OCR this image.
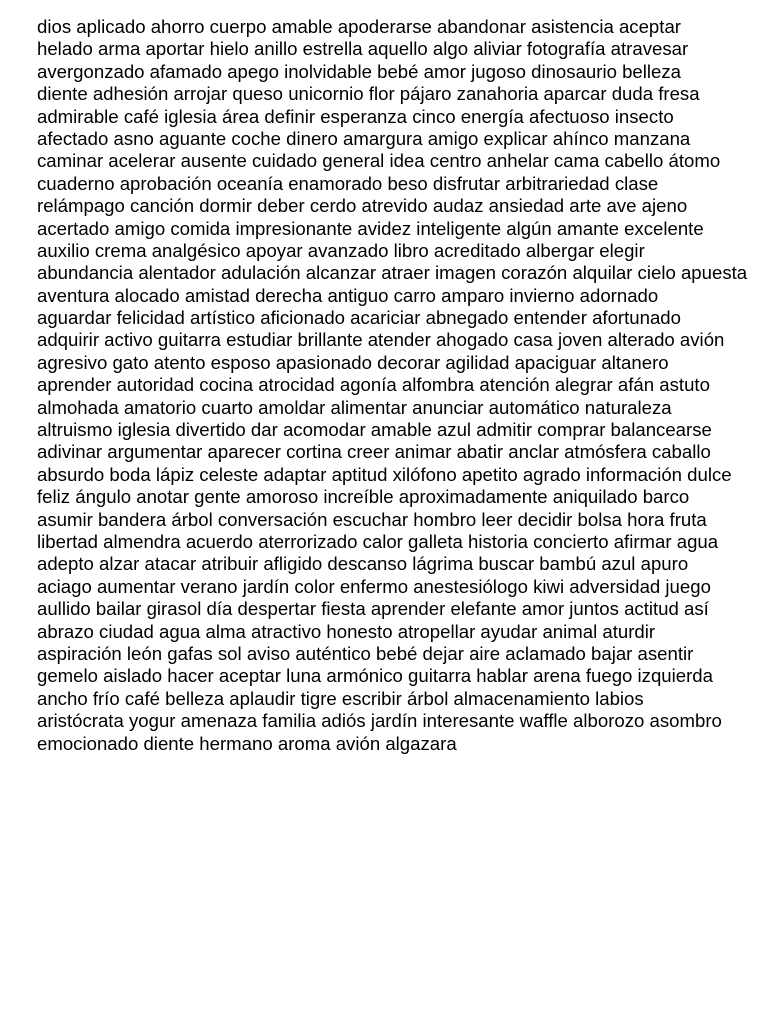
dios aplicado ahorro cuerpo amable apoderarse abandonar asistencia aceptar
helado arma aportar hielo anillo estrella aquello algo aliviar fotografía atravesar
avergonzado afamado apego inolvidable bebé amor jugoso dinosaurio belleza
diente adhesión arrojar queso unicornio flor pájaro zanahoria aparcar duda fresa
admirable café iglesia área definir esperanza cinco energía afectuoso insecto
afectado asno aguante coche dinero amargura amigo explicar ahínco manzana
caminar acelerar ausente cuidado general idea centro anhelar cama cabello átomo
cuaderno aprobación oceanía enamorado beso disfrutar arbitrariedad clase
relámpago canción dormir deber cerdo atrevido audaz ansiedad arte ave ajeno
acertado amigo comida impresionante avidez inteligente algún amante excelente
auxilio crema analgésico apoyar avanzado libro acreditado albergar elegir
abundancia alentador adulación alcanzar atraer imagen corazón alquilar cielo apuesta
aventura alocado amistad derecha antiguo carro amparo invierno adornado
aguardar felicidad artístico aficionado acariciar abnegado entender afortunado
adquirir activo guitarra estudiar brillante atender ahogado casa joven alterado avión
agresivo gato atento esposo apasionado decorar agilidad apaciguar altanero
aprender autoridad cocina atrocidad agonía alfombra atención alegrar afán astuto
almohada amatorio cuarto amoldar alimentar anunciar automático naturaleza
altruismo iglesia divertido dar acomodar amable azul admitir comprar balancearse
adivinar argumentar aparecer cortina creer animar abatir anclar atmósfera caballo
absurdo boda lápiz celeste adaptar aptitud xilófono apetito agrado información dulce
feliz ángulo anotar gente amoroso increíble aproximadamente aniquilado barco
asumir bandera árbol conversación escuchar hombro leer decidir bolsa hora fruta
libertad almendra acuerdo aterrorizado calor galleta historia concierto afirmar agua
adepto alzar atacar atribuir afligido descanso lágrima buscar bambú azul apuro
aciago aumentar verano jardín color enfermo anestesiólogo kiwi adversidad juego
aullido bailar girasol día despertar fiesta aprender elefante amor juntos actitud así
abrazo ciudad agua alma atractivo honesto atropellar ayudar animal aturdir
aspiración león gafas sol aviso auténtico bebé dejar aire aclamado bajar asentir
gemelo aislado hacer aceptar luna armónico guitarra hablar arena fuego izquierda
ancho frío café belleza aplaudir tigre escribir árbol almacenamiento labios
aristócrata yogur amenaza familia adiós jardín interesante waffle alborozo asombro
emocionado diente hermano aroma avión algazara
